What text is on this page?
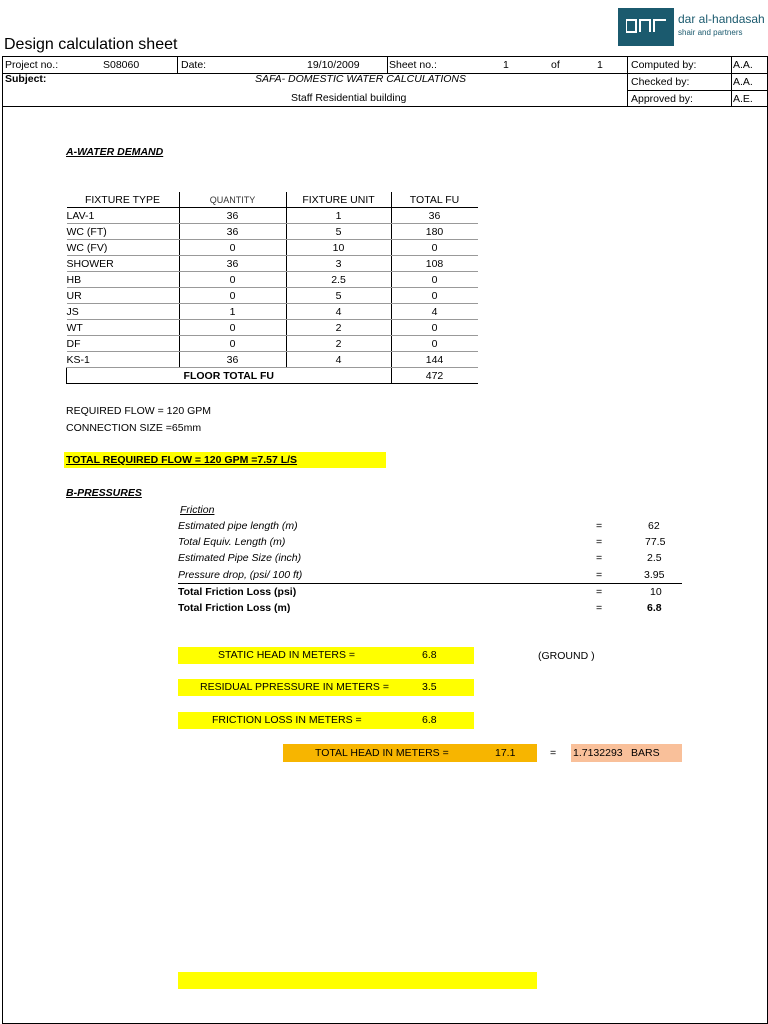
Design calculation sheet
dar al-handasah
shair and partners
Project no.:	S08060	Date:	19/10/2009	Sheet no.:	1	of	1
Subject:	SAFA- DOMESTIC WATER CALCULATIONS
Staff Residential building
Computed by:	A.A.
Checked by:	A.A.
Approved by:	A.E.
A-WATER DEMAND
FIXTURE TYPE	QUANTITY	FIXTURE UNIT	TOTAL FU
LAV-1	36	1	36
WC (FT)	36	5	180
WC (FV)	0	10	0
SHOWER	36	3	108
HB	0	2.5	0
UR	0	5	0
JS	1	4	4
WT	0	2	0
DF	0	2	0
KS-1	36	4	144
FLOOR TOTAL FU			472
REQUIRED FLOW = 120 GPM
CONNECTION SIZE =65mm
TOTAL REQUIRED FLOW = 120 GPM =7.57 L/S
B-PRESSURES
Friction
Estimated pipe length (m)	=	62
Total Equiv. Length (m)	=	77.5
Estimated Pipe Size (inch)	=	2.5
Pressure drop, (psi/ 100 ft)	=	3.95
Total Friction Loss (psi)	=	10
Total Friction Loss (m)	=	6.8
STATIC HEAD IN METERS =	6.8	(GROUND )
RESIDUAL PPRESSURE IN METERS =	3.5
FRICTION LOSS IN METERS =	6.8
TOTAL HEAD IN METERS =	17.1	= 1.7132293 BARS
